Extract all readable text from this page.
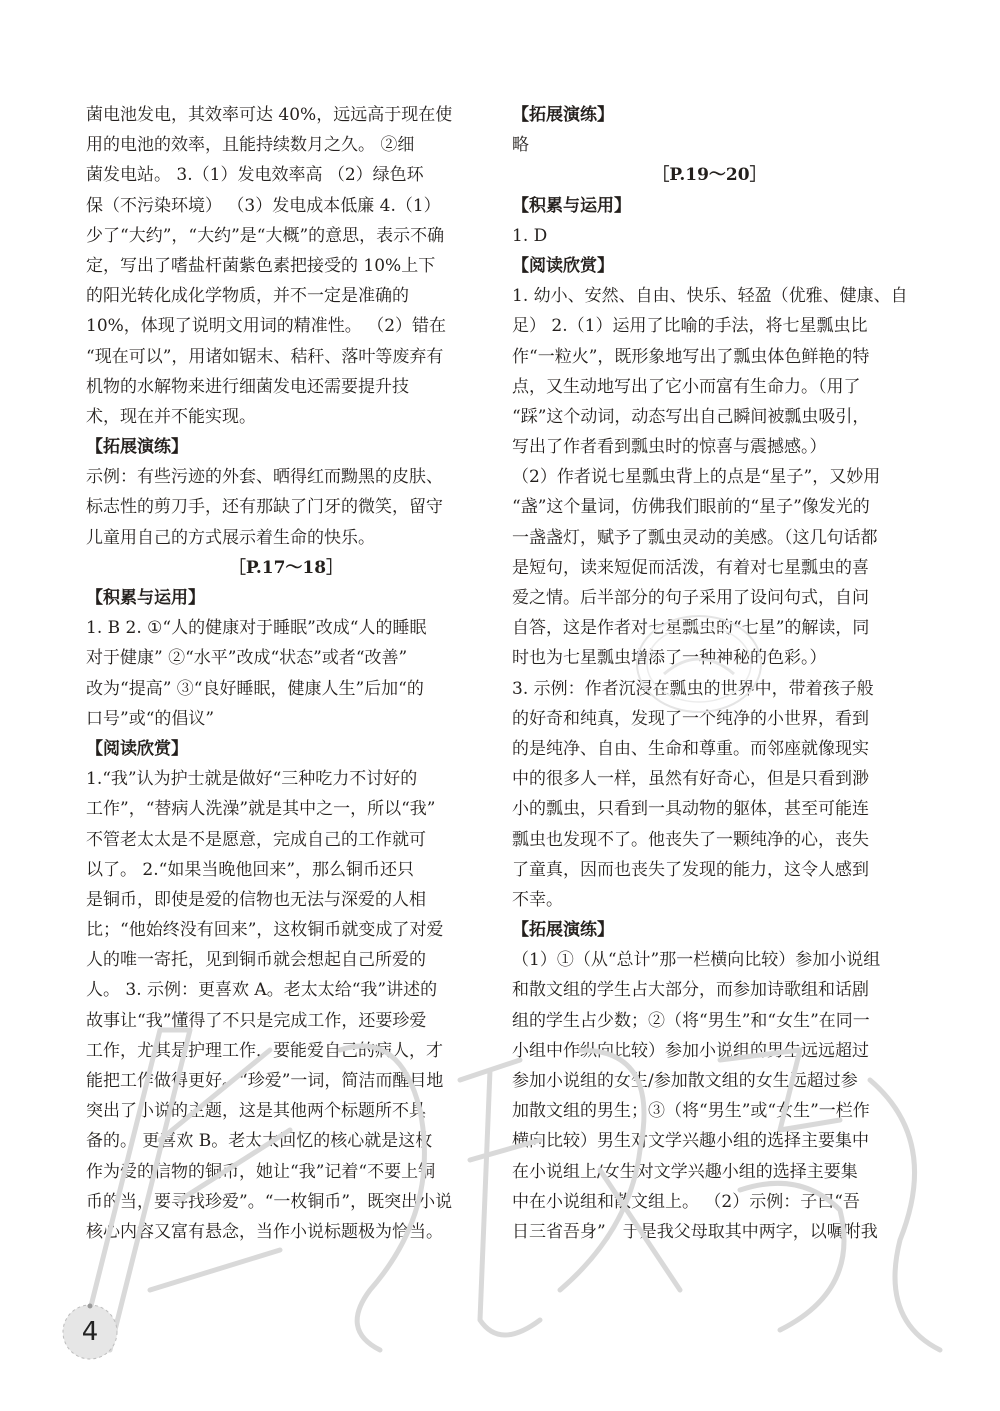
菌电池发电，其效率可达 40%，远远高于现在使
用的电池的效率，且能持续数月之久。 ②细
菌发电站。 3.（1）发电效率高 （2）绿色环
保（不污染环境） （3）发电成本低廉 4.（1）
少了“大约”，“大约”是“大概”的意思，表示不确
定，写出了嗜盐杆菌紫色素把接受的 10%上下
的阳光转化成化学物质，并不一定是准确的
10%，体现了说明文用词的精准性。 （2）错在
“现在可以”，用诸如锯末、秸秆、落叶等废弃有
机物的水解物来进行细菌发电还需要提升技
术，现在并不能实现。
【拓展演练】
示例：有些污迹的外套、晒得红而黝黑的皮肤、
标志性的剪刀手，还有那缺了门牙的微笑，留守
儿童用自己的方式展示着生命的快乐。
［P.17～18］
【积累与运用】
1. B 2. ①“人的健康对于睡眠”改成“人的睡眠
对于健康” ②“水平”改成“状态”或者“改善”
改为“提高” ③“良好睡眠，健康人生”后加“的
口号”或“的倡议”
【阅读欣赏】
1.“我”认为护士就是做好“三种吃力不讨好的
工作”，“替病人洗澡”就是其中之一，所以“我”
不管老太太是不是愿意，完成自己的工作就可
以了。 2.“如果当晚他回来”，那么铜币还只
是铜币，即使是爱的信物也无法与深爱的人相
比；“他始终没有回来”，这枚铜币就变成了对爱
人的唯一寄托，见到铜币就会想起自己所爱的
人。 3. 示例：更喜欢 A。老太太给“我”讲述的
故事让“我”懂得了不只是完成工作，还要珍爱
工作，尤其是护理工作，要能爱自己的病人，才
能把工作做得更好。“珍爱”一词，简洁而醒目地
突出了小说的主题，这是其他两个标题所不具
备的。 更喜欢 B。老太太回忆的核心就是这枚
作为爱的信物的铜币，她让“我”记着“不要上铜
币的当，要寻找珍爱”。“一枚铜币”，既突出小说
核心内容又富有悬念，当作小说标题极为恰当。
【拓展演练】
略
［P.19～20］
【积累与运用】
1. D
【阅读欣赏】
1. 幼小、安然、自由、快乐、轻盈（优雅、健康、自
足） 2.（1）运用了比喻的手法，将七星瓢虫比
作“一粒火”，既形象地写出了瓢虫体色鲜艳的特
点，又生动地写出了它小而富有生命力。（用了
“踩”这个动词，动态写出自己瞬间被瓢虫吸引，
写出了作者看到瓢虫时的惊喜与震撼感。）
（2）作者说七星瓢虫背上的点是“星子”，又妙用
“盏”这个量词，仿佛我们眼前的“星子”像发光的
一盏盏灯，赋予了瓢虫灵动的美感。（这几句话都
是短句，读来短促而活泼，有着对七星瓢虫的喜
爱之情。后半部分的句子采用了设问句式，自问
自答，这是作者对七星瓢虫的“七星”的解读，同
时也为七星瓢虫增添了一种神秘的色彩。）
3. 示例：作者沉浸在瓢虫的世界中，带着孩子般
的好奇和纯真，发现了一个纯净的小世界，看到
的是纯净、自由、生命和尊重。而邻座就像现实
中的很多人一样，虽然有好奇心，但是只看到渺
小的瓢虫，只看到一具动物的躯体，甚至可能连
瓢虫也发现不了。他丧失了一颗纯净的心，丧失
了童真，因而也丧失了发现的能力，这令人感到
不幸。
【拓展演练】
（1）①（从“总计”那一栏横向比较）参加小说组
和散文组的学生占大部分，而参加诗歌组和话剧
组的学生占少数；②（将“男生”和“女生”在同一
小组中作纵向比较）参加小说组的男生远远超过
参加小说组的女生/参加散文组的女生远超过参
加散文组的男生；③（将“男生”或“女生”一栏作
横向比较）男生对文学兴趣小组的选择主要集中
在小说组上/女生对文学兴趣小组的选择主要集
中在小说组和散文组上。 （2）示例：子曰“吾
日三省吾身”，于是我父母取其中两字，以嘱咐我
4
